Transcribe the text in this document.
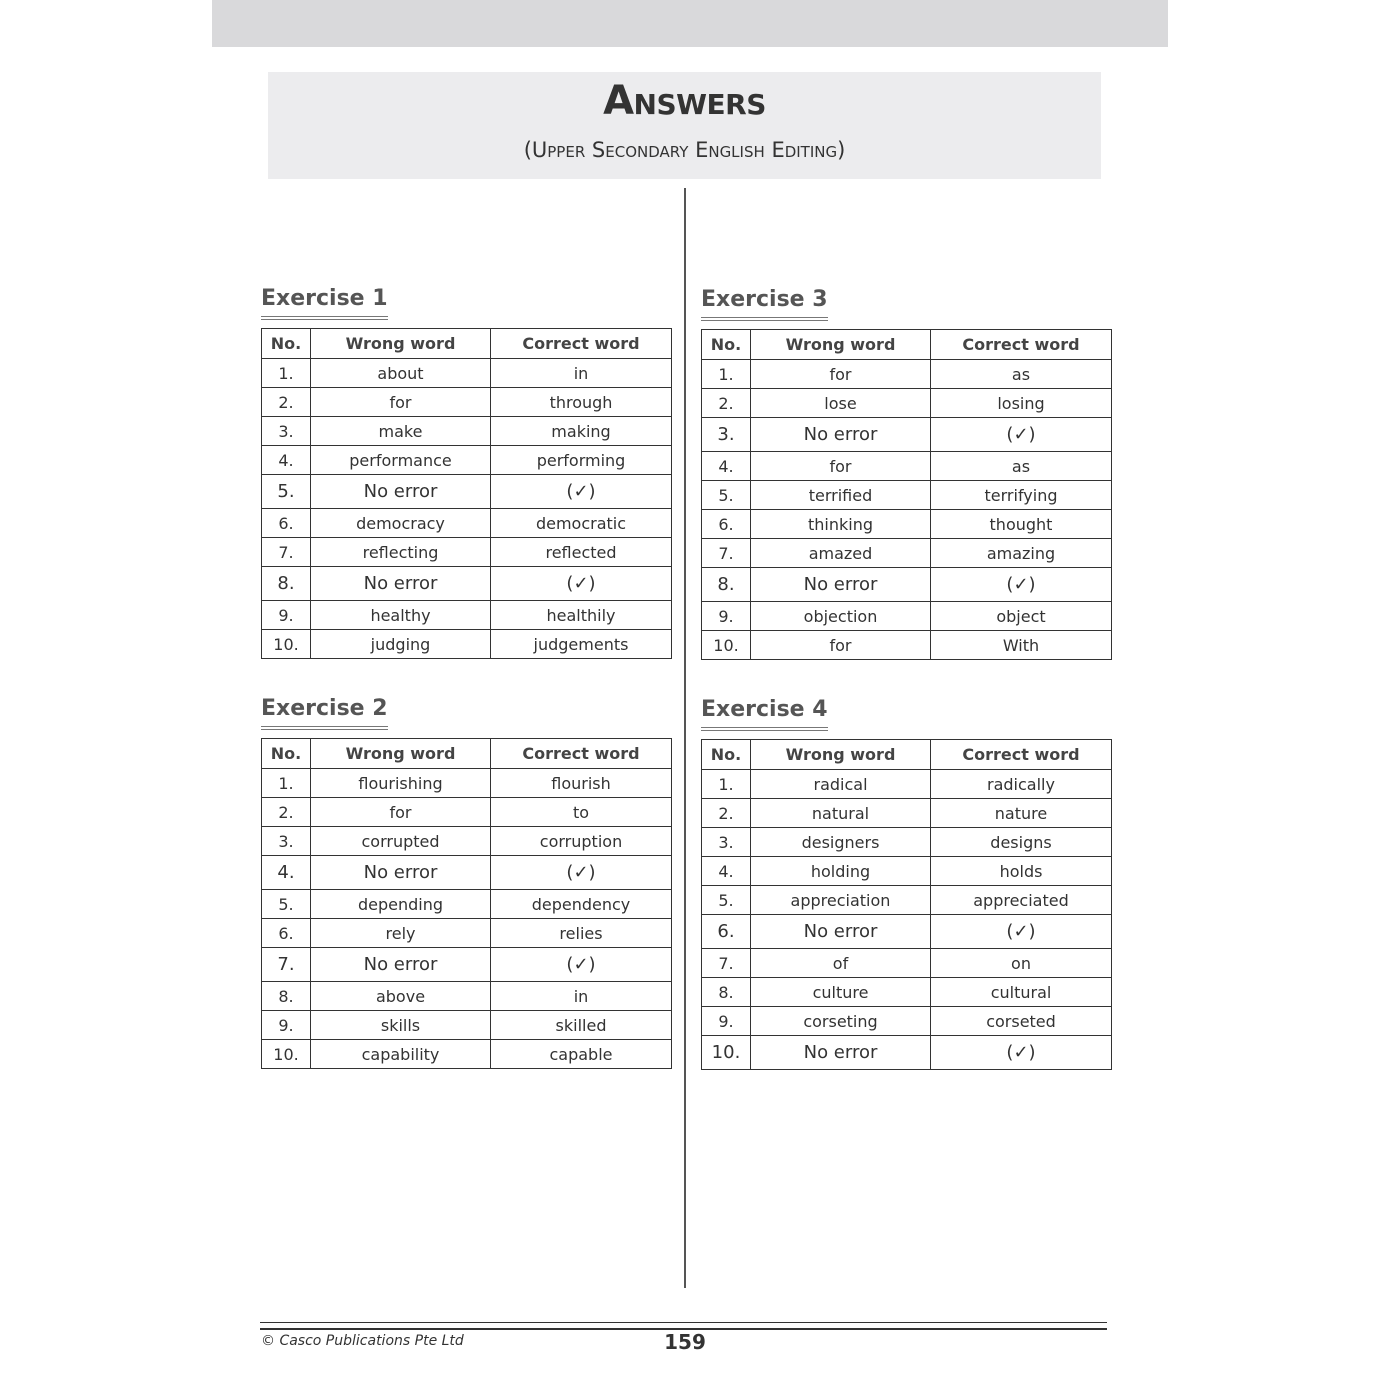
Answers
(Upper Secondary English Editing)
Exercise 1
No.	Wrong word	Correct word
1.	about	in
2.	for	through
3.	make	making
4.	performance	performing
5.	No error	(✓)
6.	democracy	democratic
7.	reflecting	reflected
8.	No error	(✓)
9.	healthy	healthily
10.	judging	judgements
Exercise 2
No.	Wrong word	Correct word
1.	flourishing	flourish
2.	for	to
3.	corrupted	corruption
4.	No error	(✓)
5.	depending	dependency
6.	rely	relies
7.	No error	(✓)
8.	above	in
9.	skills	skilled
10.	capability	capable
Exercise 3
No.	Wrong word	Correct word
1.	for	as
2.	lose	losing
3.	No error	(✓)
4.	for	as
5.	terrified	terrifying
6.	thinking	thought
7.	amazed	amazing
8.	No error	(✓)
9.	objection	object
10.	for	With
Exercise 4
No.	Wrong word	Correct word
1.	radical	radically
2.	natural	nature
3.	designers	designs
4.	holding	holds
5.	appreciation	appreciated
6.	No error	(✓)
7.	of	on
8.	culture	cultural
9.	corseting	corseted
10.	No error	(✓)
© Casco Publications Pte Ltd	159
